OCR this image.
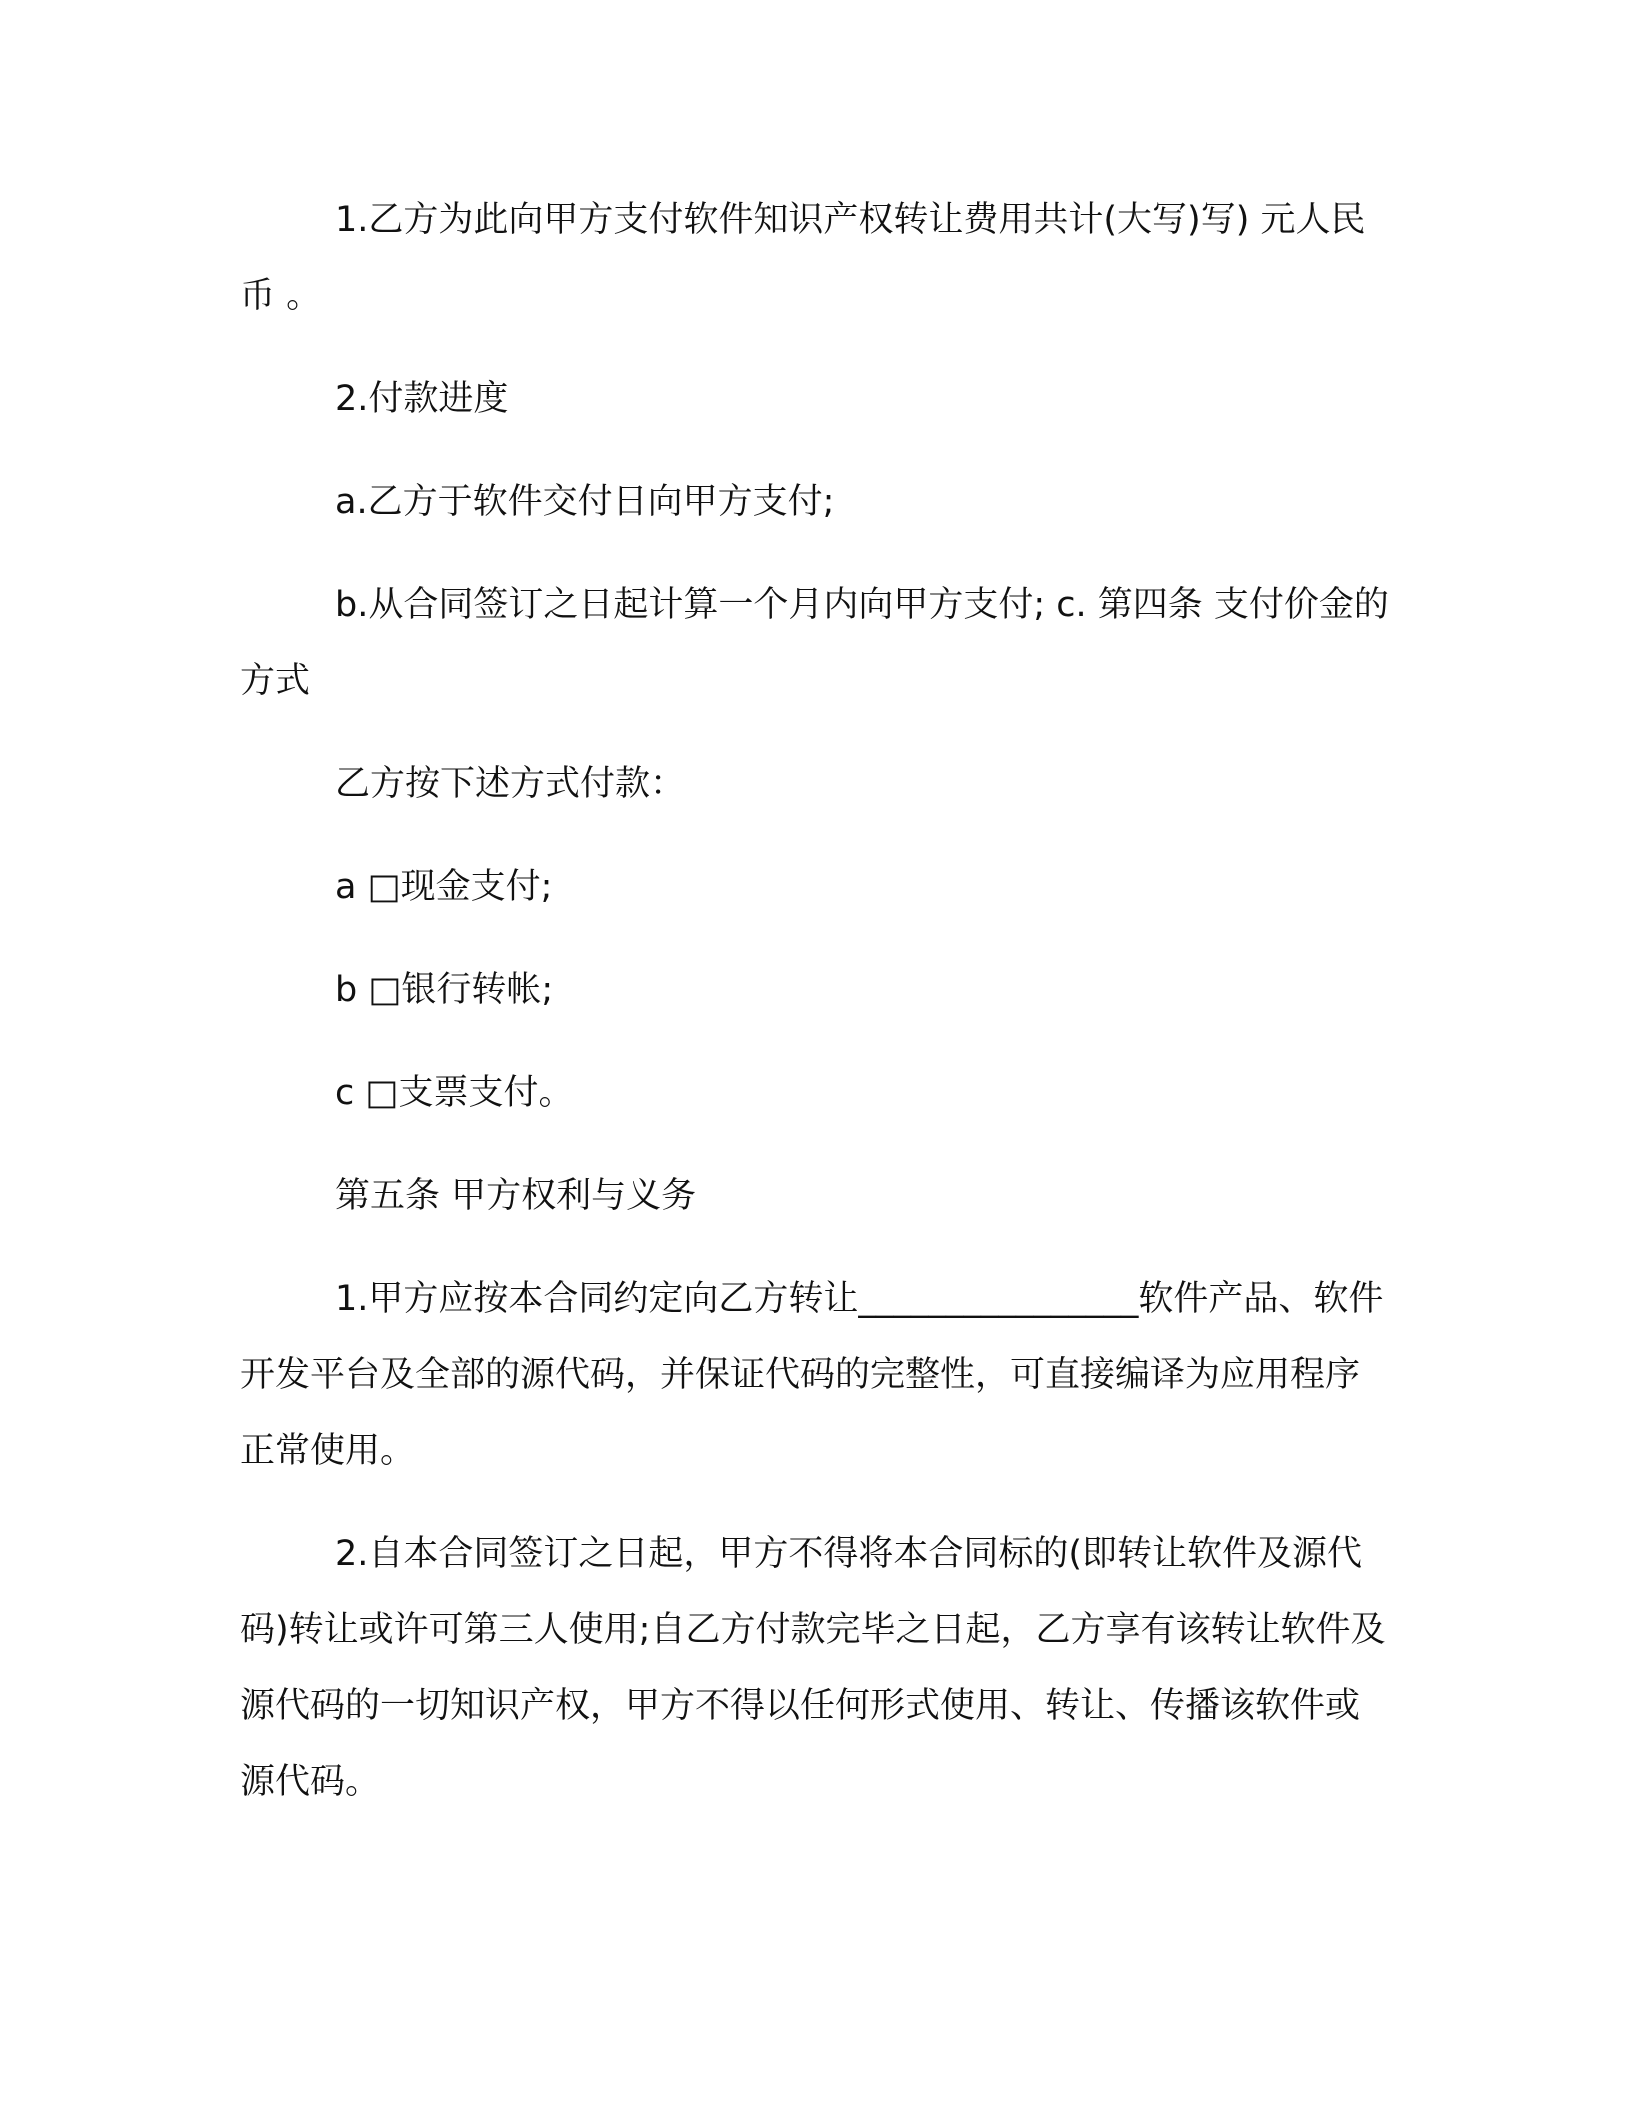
1.乙方为此向甲方支付软件知识产权转让费用共计(大写)写) 元人民币 。

2.付款进度

a.乙方于软件交付日向甲方支付;

b.从合同签订之日起计算一个月内向甲方支付; c. 第四条 支付价金的方式

乙方按下述方式付款：

a □现金支付;

b □银行转帐;

c □支票支付。

第五条 甲方权利与义务

1.甲方应按本合同约定向乙方转让________________软件产品、软件开发平台及全部的源代码，并保证代码的完整性，可直接编译为应用程序正常使用。

2.自本合同签订之日起，甲方不得将本合同标的(即转让软件及源代码)转让或许可第三人使用;自乙方付款完毕之日起，乙方享有该转让软件及源代码的一切知识产权，甲方不得以任何形式使用、转让、传播该软件或源代码。
